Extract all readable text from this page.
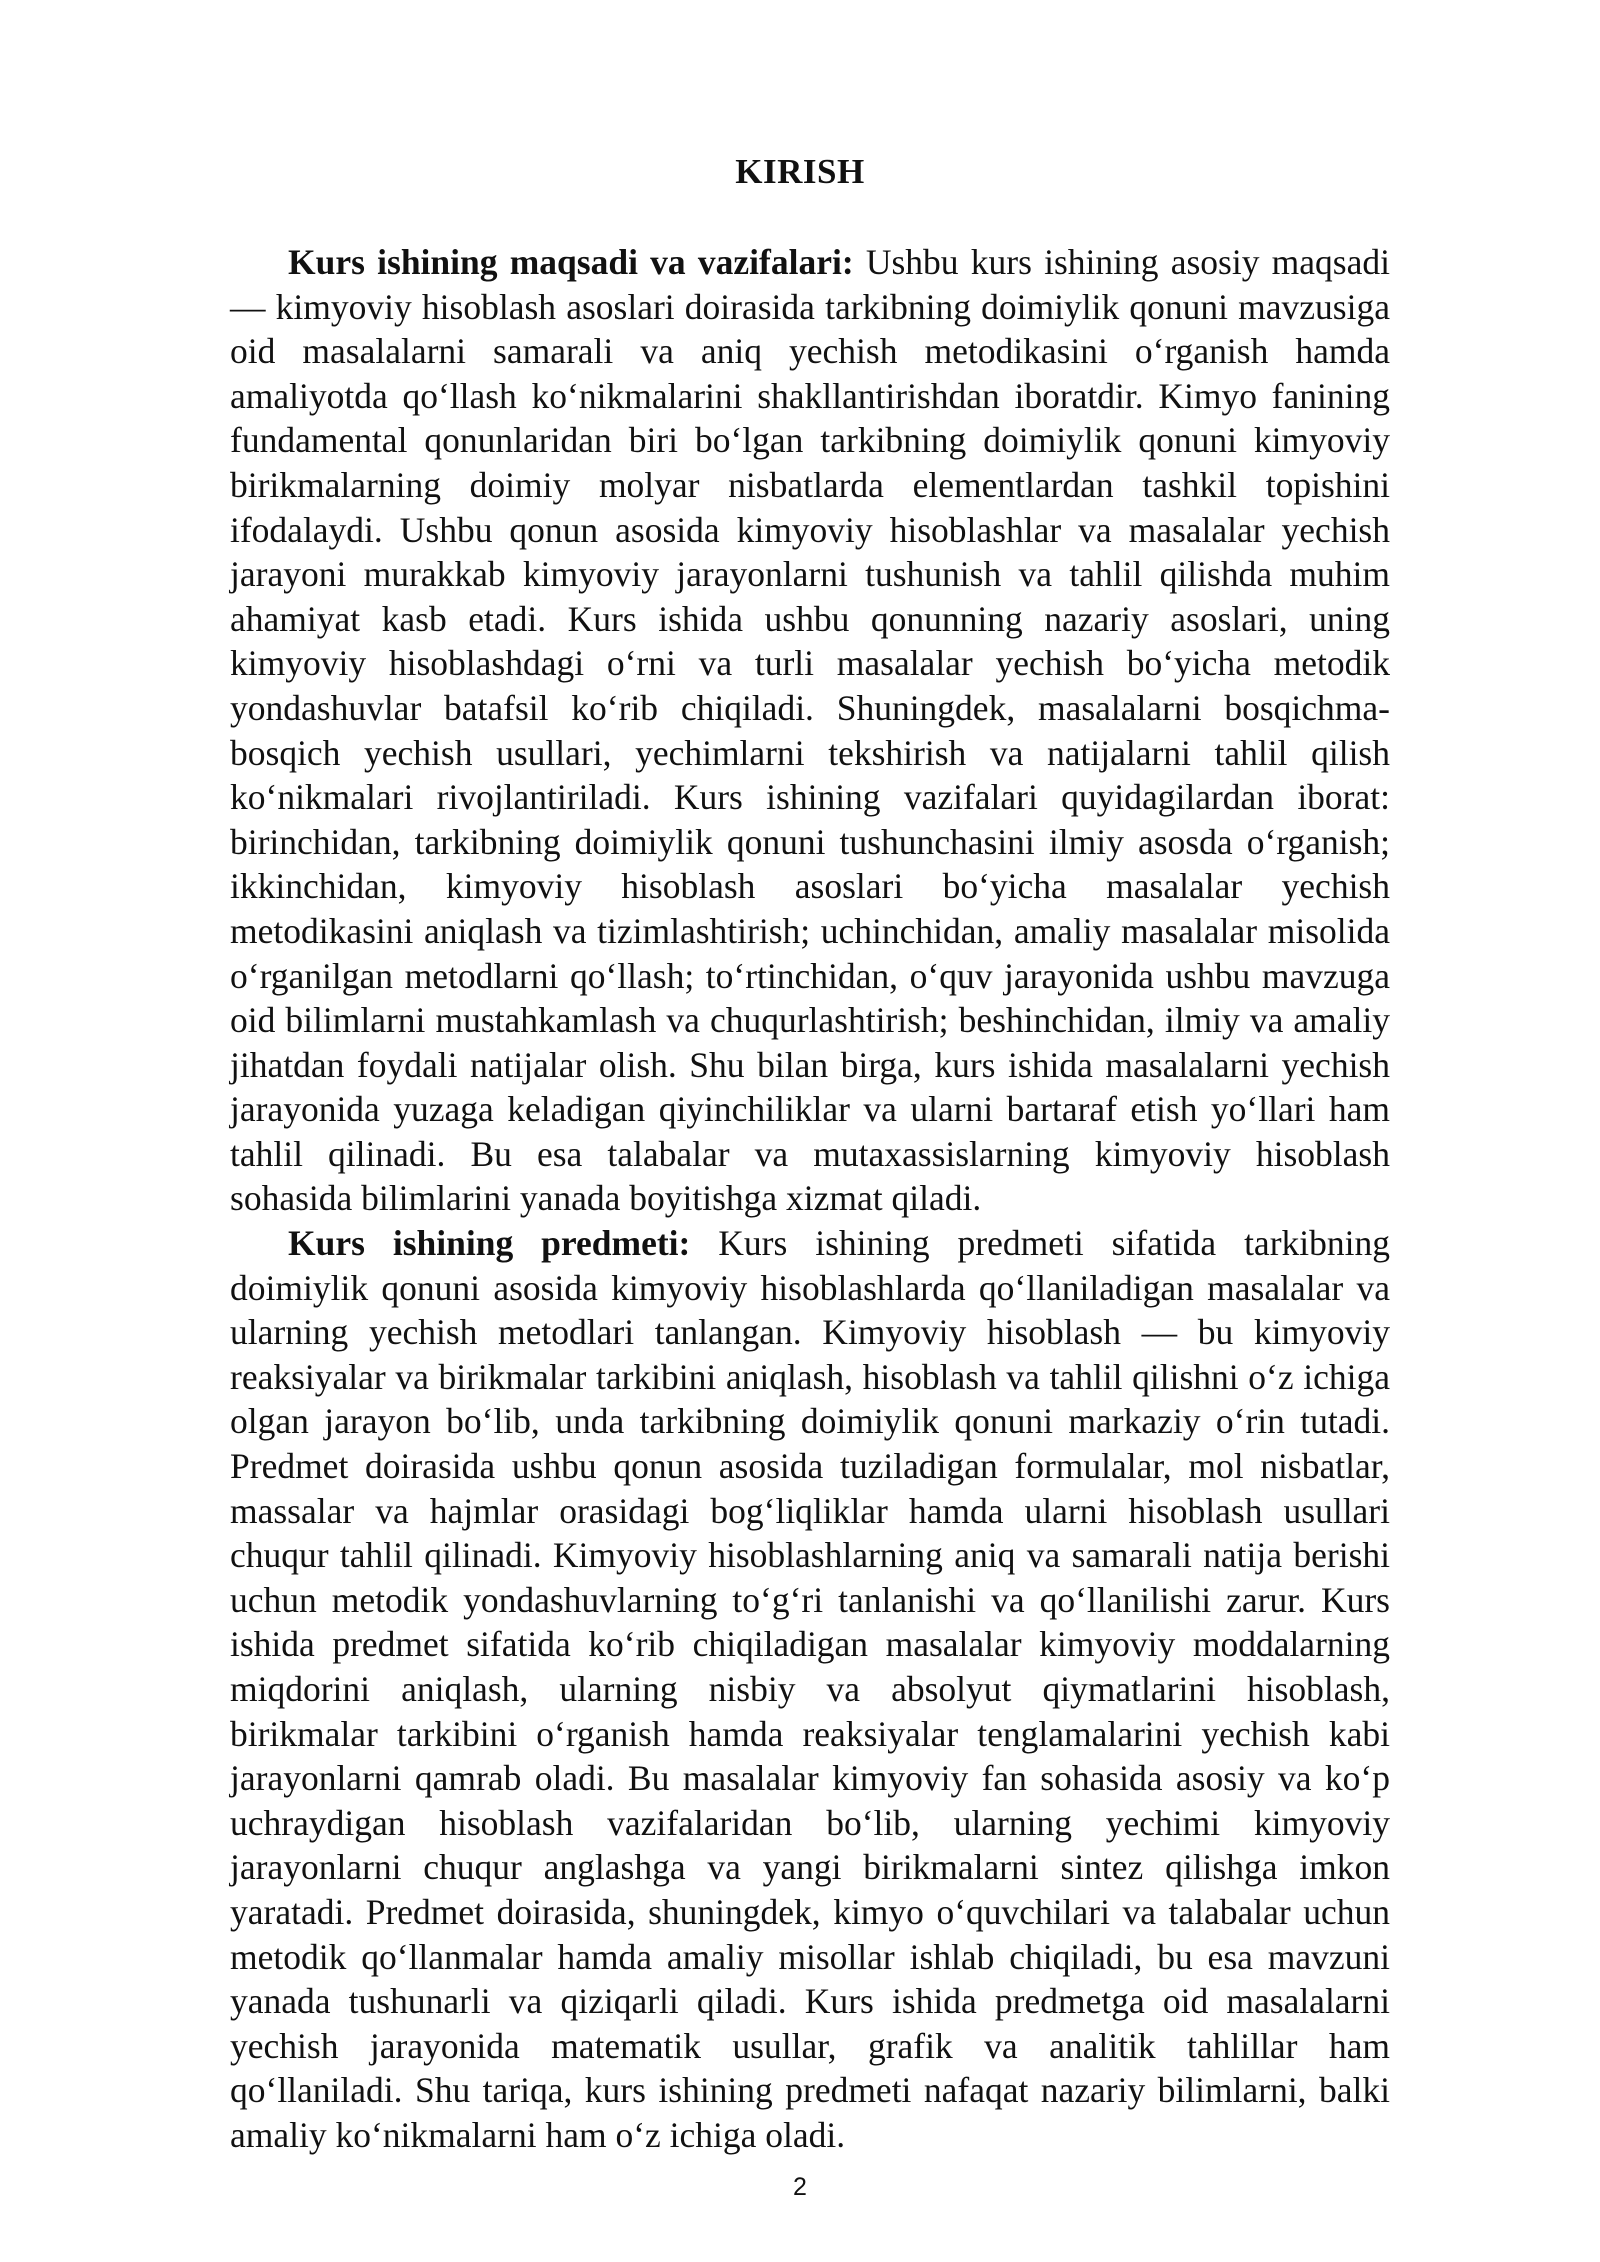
KIRISH

Kurs ishining maqsadi va vazifalari: Ushbu kurs ishining asosiy maqsadi — kimyoviy hisoblash asoslari doirasida tarkibning doimiylik qonuni mavzusiga oid masalalarni samarali va aniq yechish metodikasini o‘rganish hamda amaliyotda qo‘llash ko‘nikmalarini shakllantirishdan iboratdir. Kimyo fanining fundamental qonunlaridan biri bo‘lgan tarkibning doimiylik qonuni kimyoviy birikmalarning doimiy molyar nisbatlarda elementlardan tashkil topishini ifodalaydi. Ushbu qonun asosida kimyoviy hisoblashlar va masalalar yechish jarayoni murakkab kimyoviy jarayonlarni tushunish va tahlil qilishda muhim ahamiyat kasb etadi. Kurs ishida ushbu qonunning nazariy asoslari, uning kimyoviy hisoblashdagi o‘rni va turli masalalar yechish bo‘yicha metodik yondashuvlar batafsil ko‘rib chiqiladi. Shuningdek, masalalarni bosqichma-bosqich yechish usullari, yechimlarni tekshirish va natijalarni tahlil qilish ko‘nikmalari rivojlantiriladi. Kurs ishining vazifalari quyidagilardan iborat: birinchidan, tarkibning doimiylik qonuni tushunchasini ilmiy asosda o‘rganish; ikkinchidan, kimyoviy hisoblash asoslari bo‘yicha masalalar yechish metodikasini aniqlash va tizimlashtirish; uchinchidan, amaliy masalalar misolida o‘rganilgan metodlarni qo‘llash; to‘rtinchidan, o‘quv jarayonida ushbu mavzuga oid bilimlarni mustahkamlash va chuqurlashtirish; beshinchidan, ilmiy va amaliy jihatdan foydali natijalar olish. Shu bilan birga, kurs ishida masalalarni yechish jarayonida yuzaga keladigan qiyinchiliklar va ularni bartaraf etish yo‘llari ham tahlil qilinadi. Bu esa talabalar va mutaxassislarning kimyoviy hisoblash sohasida bilimlarini yanada boyitishga xizmat qiladi.

Kurs ishining predmeti: Kurs ishining predmeti sifatida tarkibning doimiylik qonuni asosida kimyoviy hisoblashlarda qo‘llaniladigan masalalar va ularning yechish metodlari tanlangan. Kimyoviy hisoblash — bu kimyoviy reaksiyalar va birikmalar tarkibini aniqlash, hisoblash va tahlil qilishni o‘z ichiga olgan jarayon bo‘lib, unda tarkibning doimiylik qonuni markaziy o‘rin tutadi. Predmet doirasida ushbu qonun asosida tuziladigan formulalar, mol nisbatlar, massalar va hajmlar orasidagi bog‘liqliklar hamda ularni hisoblash usullari chuqur tahlil qilinadi. Kimyoviy hisoblashlarning aniq va samarali natija berishi uchun metodik yondashuvlarning to‘g‘ri tanlanishi va qo‘llanilishi zarur. Kurs ishida predmet sifatida ko‘rib chiqiladigan masalalar kimyoviy moddalarning miqdorini aniqlash, ularning nisbiy va absolyut qiymatlarini hisoblash, birikmalar tarkibini o‘rganish hamda reaksiyalar tenglamalarini yechish kabi jarayonlarni qamrab oladi. Bu masalalar kimyoviy fan sohasida asosiy va ko‘p uchraydigan hisoblash vazifalaridan bo‘lib, ularning yechimi kimyoviy jarayonlarni chuqur anglashga va yangi birikmalarni sintez qilishga imkon yaratadi. Predmet doirasida, shuningdek, kimyo o‘quvchilari va talabalar uchun metodik qo‘llanmalar hamda amaliy misollar ishlab chiqiladi, bu esa mavzuni yanada tushunarli va qiziqarli qiladi. Kurs ishida predmetga oid masalalarni yechish jarayonida matematik usullar, grafik va analitik tahlillar ham qo‘llaniladi. Shu tariqa, kurs ishining predmeti nafaqat nazariy bilimlarni, balki amaliy ko‘nikmalarni ham o‘z ichiga oladi.

2
